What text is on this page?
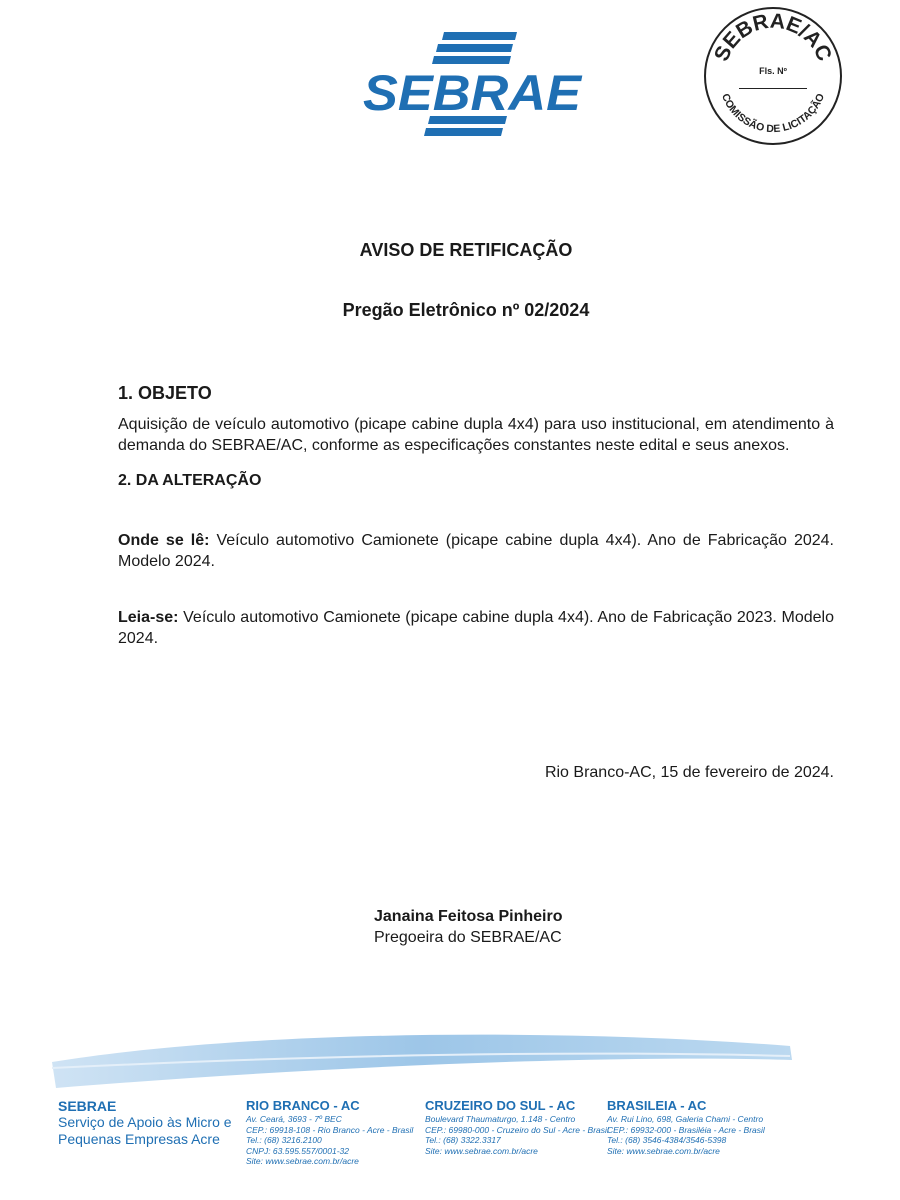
SEBRAE
SEBRAE/AC
COMISSÃO DE LICITAÇÃO
Fls. Nº
AVISO DE RETIFICAÇÃO
Pregão Eletrônico nº 02/2024
1. OBJETO
Aquisição de veículo automotivo (picape cabine dupla 4x4) para uso institucional, em atendimento à demanda do SEBRAE/AC, conforme as especificações constantes neste edital e seus anexos.
2. DA ALTERAÇÃO
Onde se lê: Veículo automotivo Camionete (picape cabine dupla 4x4). Ano de Fabricação 2024. Modelo 2024.
Leia-se: Veículo automotivo Camionete (picape cabine dupla 4x4). Ano de Fabricação 2023. Modelo 2024.
Rio Branco-AC, 15 de fevereiro de 2024.
Janaina Feitosa Pinheiro
Pregoeira do SEBRAE/AC
SEBRAE
Serviço de Apoio às Micro e Pequenas Empresas Acre
RIO BRANCO - AC
Av. Ceará, 3693 - 7º BEC
CEP.: 69918-108 - Rio Branco - Acre - Brasil
Tel.: (68) 3216.2100
CNPJ: 63.595.557/0001-32
Site: www.sebrae.com.br/acre
CRUZEIRO DO SUL - AC
Boulevard Thaumaturgo, 1.148 - Centro
CEP.: 69980-000 - Cruzeiro do Sul - Acre - Brasil
Tel.: (68) 3322.3317
Site: www.sebrae.com.br/acre
BRASILEIA - AC
Av. Rui Lino, 698, Galeria Chami - Centro
CEP.: 69932-000 - Brasiléia - Acre - Brasil
Tel.: (68) 3546-4384/3546-5398
Site: www.sebrae.com.br/acre
